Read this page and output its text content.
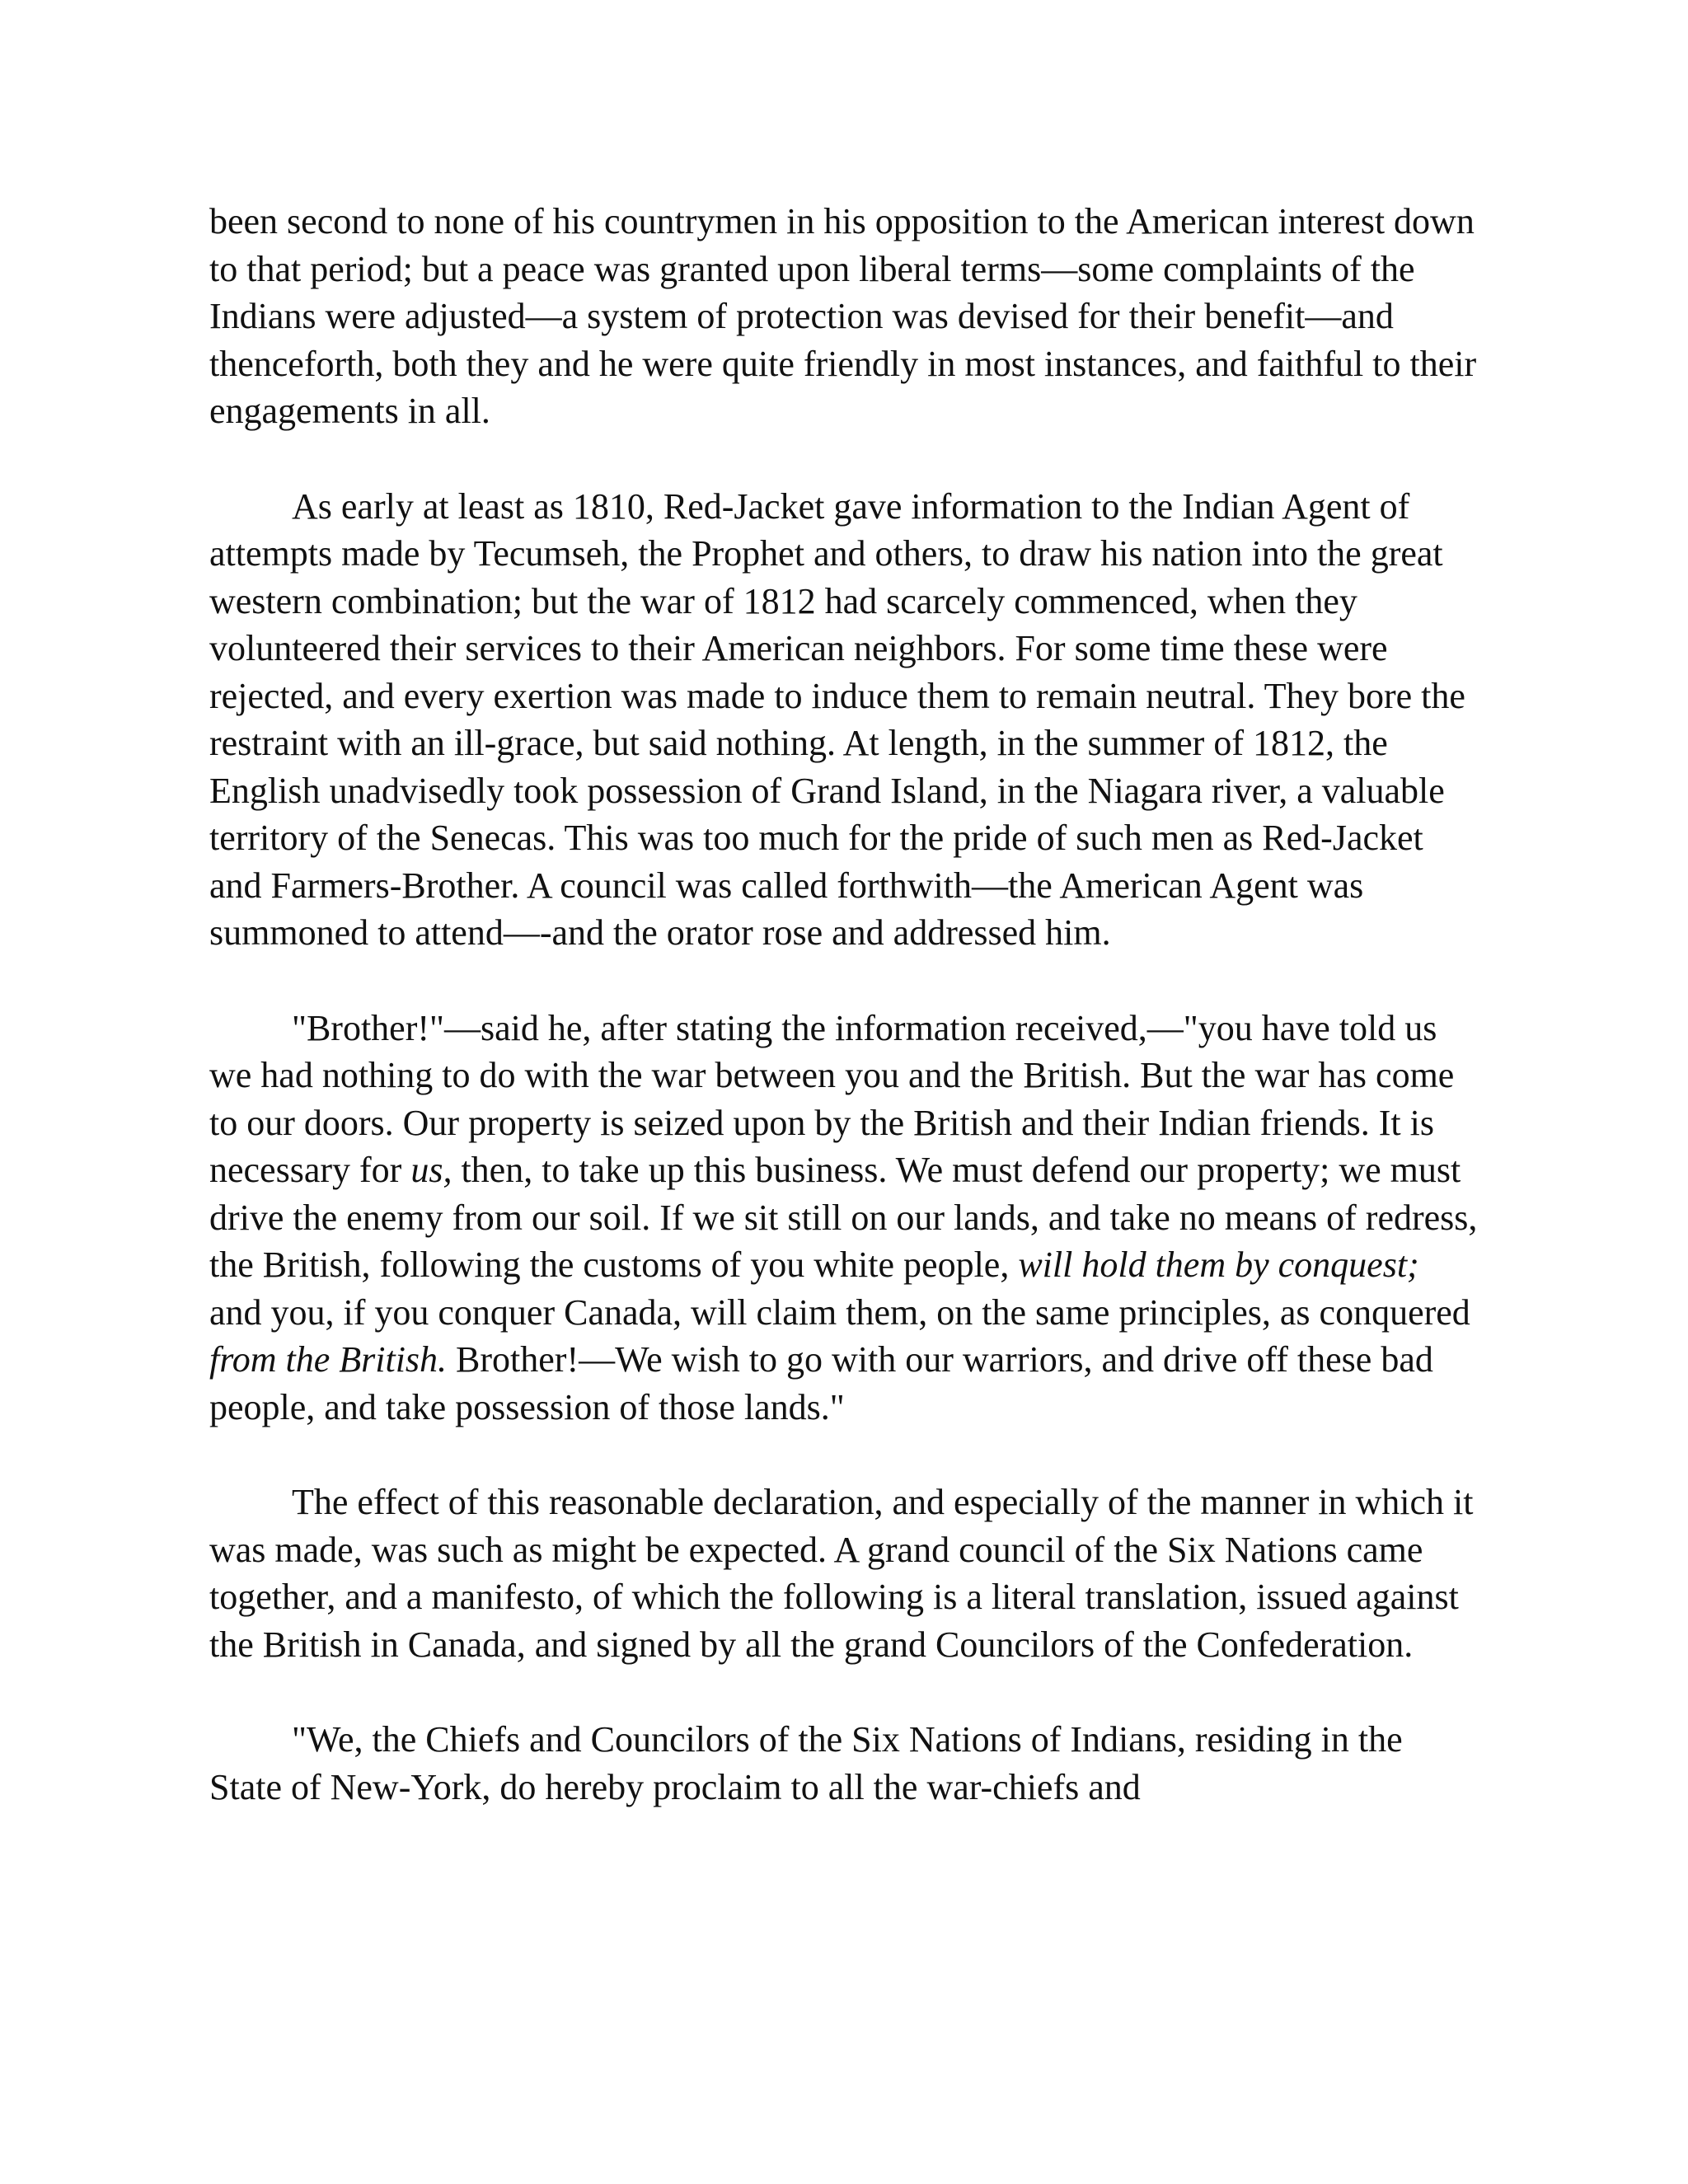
been second to none of his countrymen in his opposition to the American interest down to that period; but a peace was granted upon liberal terms—some complaints of the Indians were adjusted—a system of protection was devised for their benefit—and thenceforth, both they and he were quite friendly in most instances, and faithful to their engagements in all.

As early at least as 1810, Red-Jacket gave information to the Indian Agent of attempts made by Tecumseh, the Prophet and others, to draw his nation into the great western combination; but the war of 1812 had scarcely commenced, when they volunteered their services to their American neighbors. For some time these were rejected, and every exertion was made to induce them to remain neutral. They bore the restraint with an ill-grace, but said nothing. At length, in the summer of 1812, the English unadvisedly took possession of Grand Island, in the Niagara river, a valuable territory of the Senecas. This was too much for the pride of such men as Red-Jacket and Farmers-Brother. A council was called forthwith—the American Agent was summoned to attend—-and the orator rose and addressed him.

"Brother!"—said he, after stating the information received,—"you have told us we had nothing to do with the war between you and the British. But the war has come to our doors. Our property is seized upon by the British and their Indian friends. It is necessary for us, then, to take up this business. We must defend our property; we must drive the enemy from our soil. If we sit still on our lands, and take no means of redress, the British, following the customs of you white people, will hold them by conquest; and you, if you conquer Canada, will claim them, on the same principles, as conquered from the British. Brother!—We wish to go with our warriors, and drive off these bad people, and take possession of those lands."

The effect of this reasonable declaration, and especially of the manner in which it was made, was such as might be expected. A grand council of the Six Nations came together, and a manifesto, of which the following is a literal translation, issued against the British in Canada, and signed by all the grand Councilors of the Confederation.

"We, the Chiefs and Councilors of the Six Nations of Indians, residing in the State of New-York, do hereby proclaim to all the war-chiefs and
